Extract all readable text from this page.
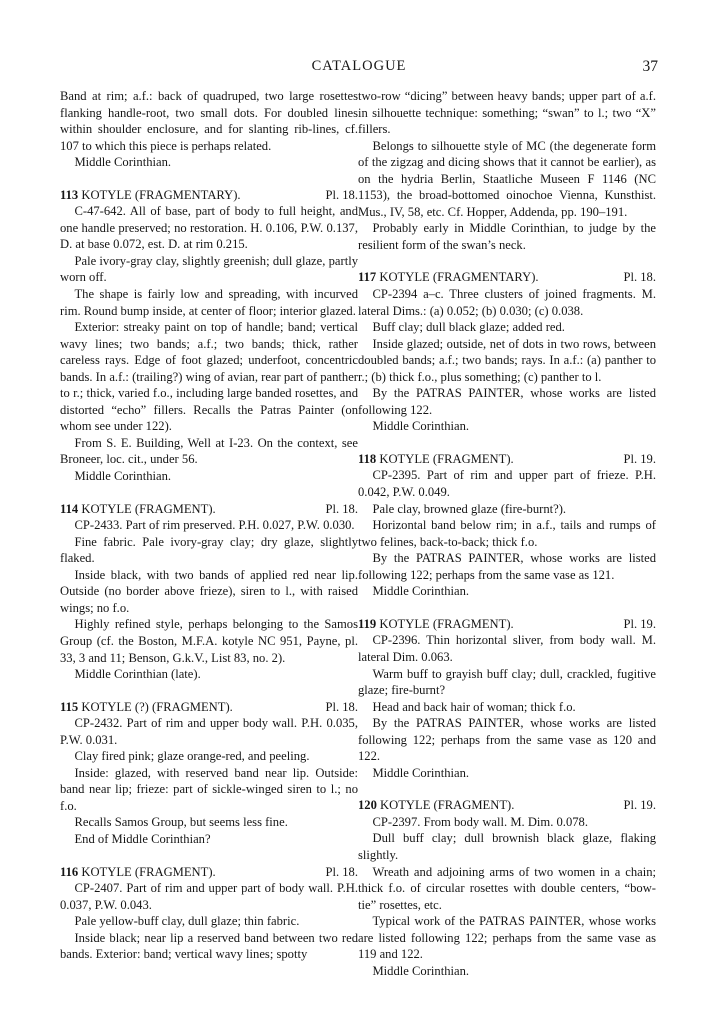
CATALOGUE	37

Band at rim; a.f.: back of quadruped, two large rosettes flanking handle-root, two small dots. For doubled lines within shoulder enclosure, and for slanting rib-lines, cf. 107 to which this piece is perhaps related.

Middle Corinthian.

113 KOTYLE (FRAGMENTARY).	Pl. 18.

C-47-642. All of base, part of body to full height, and one handle preserved; no restoration. H. 0.106, P.W. 0.137, D. at base 0.072, est. D. at rim 0.215.

Pale ivory-gray clay, slightly greenish; dull glaze, partly worn off.

The shape is fairly low and spreading, with incurved rim. Round bump inside, at center of floor; interior glazed.

Exterior: streaky paint on top of handle; band; vertical wavy lines; two bands; a.f.; two bands; thick, rather careless rays. Edge of foot glazed; underfoot, concentric bands. In a.f.: (trailing?) wing of avian, rear part of panther to r.; thick, varied f.o., including large banded rosettes, and distorted “echo” fillers. Recalls the Patras Painter (on whom see under 122).

From S. E. Building, Well at I-23. On the context, see Broneer, loc. cit., under 56.

Middle Corinthian.

114 KOTYLE (FRAGMENT).	Pl. 18.

CP-2433. Part of rim preserved. P.H. 0.027, P.W. 0.030.

Fine fabric. Pale ivory-gray clay; dry glaze, slightly flaked.

Inside black, with two bands of applied red near lip. Outside (no border above frieze), siren to l., with raised wings; no f.o.

Highly refined style, perhaps belonging to the Samos Group (cf. the Boston, M.F.A. kotyle NC 951, Payne, pl. 33, 3 and 11; Benson, G.k.V., List 83, no. 2).

Middle Corinthian (late).

115 KOTYLE (?) (FRAGMENT).	Pl. 18.

CP-2432. Part of rim and upper body wall. P.H. 0.035, P.W. 0.031.

Clay fired pink; glaze orange-red, and peeling.

Inside: glazed, with reserved band near lip. Outside: band near lip; frieze: part of sickle-winged siren to l.; no f.o.

Recalls Samos Group, but seems less fine.

End of Middle Corinthian?

116 KOTYLE (FRAGMENT).	Pl. 18.

CP-2407. Part of rim and upper part of body wall. P.H. 0.037, P.W. 0.043.

Pale yellow-buff clay, dull glaze; thin fabric.

Inside black; near lip a reserved band between two red bands. Exterior: band; vertical wavy lines; spotty

two-row “dicing” between heavy bands; upper part of a.f. in silhouette technique: something; “swan” to l.; two “X” fillers.

Belongs to silhouette style of MC (the degenerate form of the zigzag and dicing shows that it cannot be earlier), as on the hydria Berlin, Staatliche Museen F 1146 (NC 1153), the broad-bottomed oinochoe Vienna, Kunsthist. Mus., IV, 58, etc. Cf. Hopper, Addenda, pp. 190–191.

Probably early in Middle Corinthian, to judge by the resilient form of the swan’s neck.

117 KOTYLE (FRAGMENTARY).	Pl. 18.

CP-2394 a–c. Three clusters of joined fragments. M. lateral Dims.: (a) 0.052; (b) 0.030; (c) 0.038.

Buff clay; dull black glaze; added red.

Inside glazed; outside, net of dots in two rows, between doubled bands; a.f.; two bands; rays. In a.f.: (a) panther to r.; (b) thick f.o., plus something; (c) panther to l.

By the PATRAS PAINTER, whose works are listed following 122.

Middle Corinthian.

118 KOTYLE (FRAGMENT).	Pl. 19.

CP-2395. Part of rim and upper part of frieze. P.H. 0.042, P.W. 0.049.

Pale clay, browned glaze (fire-burnt?).

Horizontal band below rim; in a.f., tails and rumps of two felines, back-to-back; thick f.o.

By the PATRAS PAINTER, whose works are listed following 122; perhaps from the same vase as 121.

Middle Corinthian.

119 KOTYLE (FRAGMENT).	Pl. 19.

CP-2396. Thin horizontal sliver, from body wall. M. lateral Dim. 0.063.

Warm buff to grayish buff clay; dull, crackled, fugitive glaze; fire-burnt?

Head and back hair of woman; thick f.o.

By the PATRAS PAINTER, whose works are listed following 122; perhaps from the same vase as 120 and 122.

Middle Corinthian.

120 KOTYLE (FRAGMENT).	Pl. 19.

CP-2397. From body wall. M. Dim. 0.078.

Dull buff clay; dull brownish black glaze, flaking slightly.

Wreath and adjoining arms of two women in a chain; thick f.o. of circular rosettes with double centers, “bow-tie” rosettes, etc.

Typical work of the PATRAS PAINTER, whose works are listed following 122; perhaps from the same vase as 119 and 122.

Middle Corinthian.
